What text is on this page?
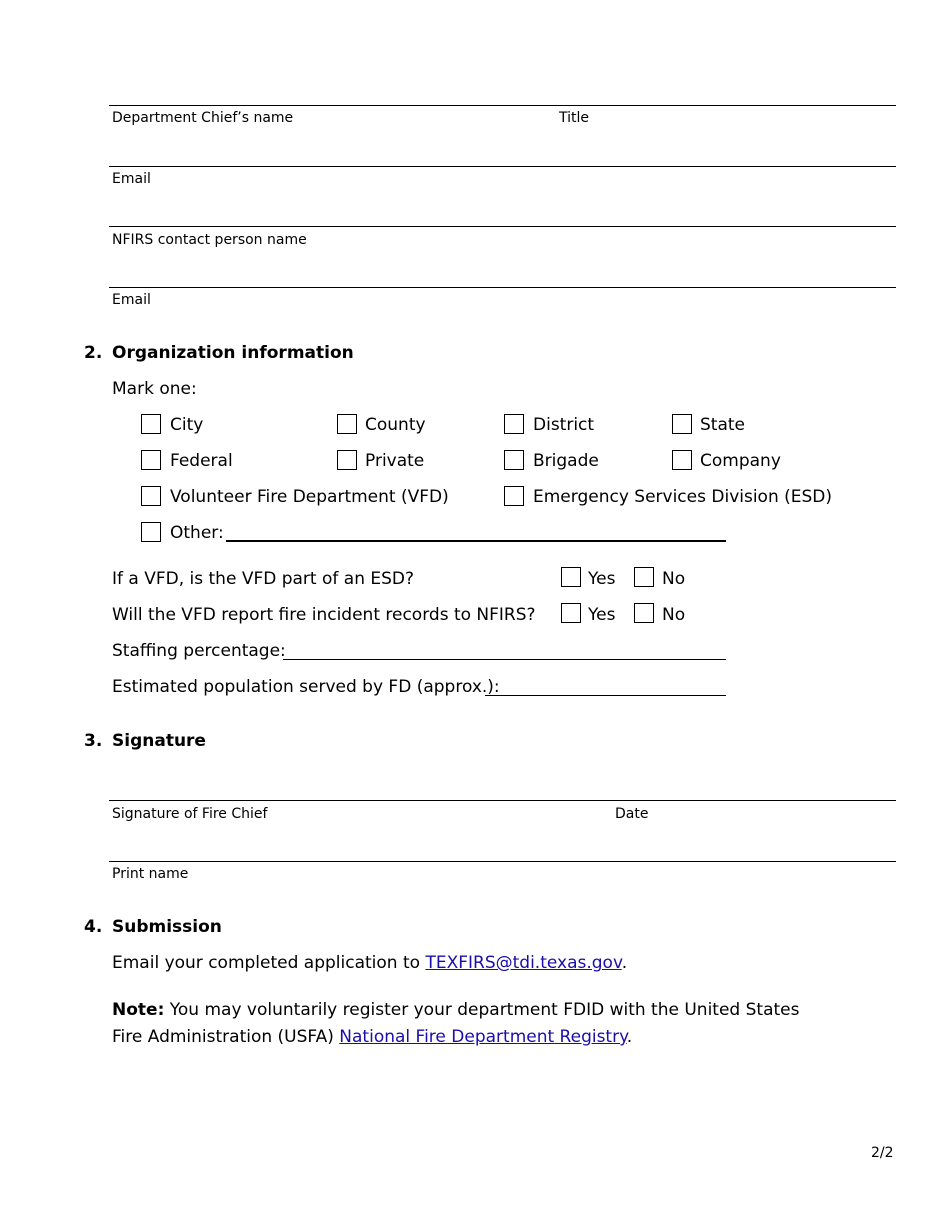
Department Chief’s name	Title
Email
NFIRS contact person name
Email
2. Organization information
Mark one:
City	County	District	State
Federal	Private	Brigade	Company
Volunteer Fire Department (VFD)	Emergency Services Division (ESD)
Other:
If a VFD, is the VFD part of an ESD?	Yes	No
Will the VFD report fire incident records to NFIRS?	Yes	No
Staffing percentage:
Estimated population served by FD (approx.):
3. Signature
Signature of Fire Chief	Date
Print name
4. Submission
Email your completed application to TEXFIRS@tdi.texas.gov.
Note: You may voluntarily register your department FDID with the United States Fire Administration (USFA) National Fire Department Registry.
2/2
